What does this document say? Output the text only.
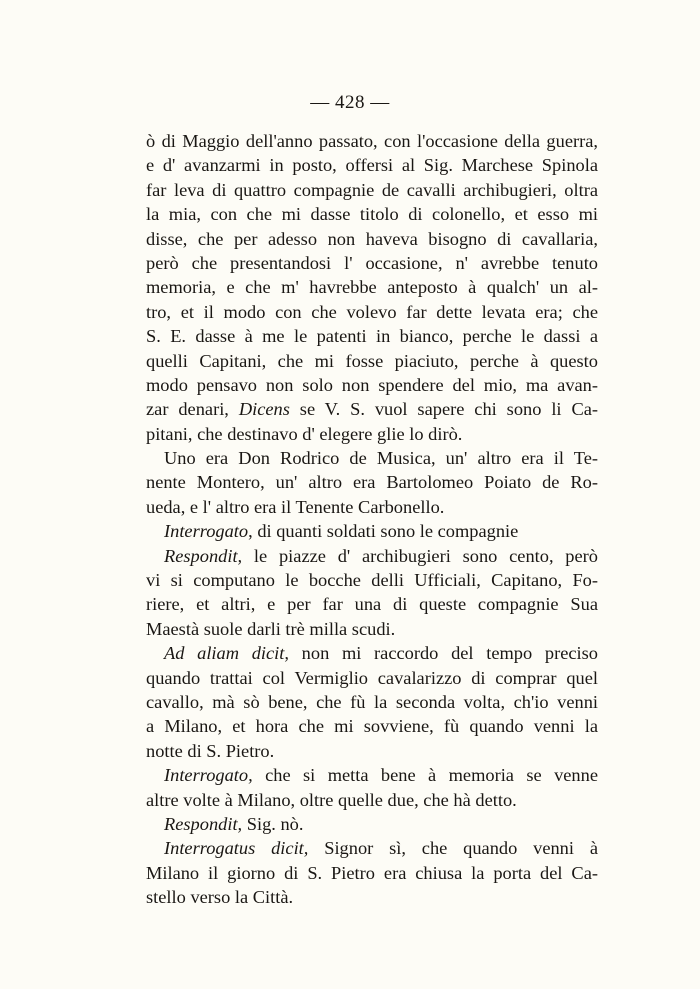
— 428 —
ò di Maggio dell'anno passato, con l'occasione della guerra,
e d' avanzarmi in posto, offersi al Sig. Marchese Spinola
far leva di quattro compagnie de cavalli archibugieri, oltra
la mia, con che mi dasse titolo di colonello, et esso mi
disse, che per adesso non haveva bisogno di cavallaria,
però che presentandosi l' occasione, n' avrebbe tenuto
memoria, e che m' havrebbe anteposto à qualch' un al-
tro, et il modo con che volevo far dette levata era; che
S. E. dasse à me le patenti in bianco, perche le dassi a
quelli Capitani, che mi fosse piaciuto, perche à questo
modo pensavo non solo non spendere del mio, ma avan-
zar denari, Dicens se V. S. vuol sapere chi sono li Ca-
pitani, che destinavo d' elegere glie lo dirò.
Uno era Don Rodrico de Musica, un' altro era il Te-
nente Montero, un' altro era Bartolomeo Poiato de Ro-
ueda, e l' altro era il Tenente Carbonello.
Interrogato, di quanti soldati sono le compagnie
Respondit, le piazze d' archibugieri sono cento, però
vi si computano le bocche delli Ufficiali, Capitano, Fo-
riere, et altri, e per far una di queste compagnie Sua
Maestà suole darli trè milla scudi.
Ad aliam dicit, non mi raccordo del tempo preciso
quando trattai col Vermiglio cavalarizzo di comprar quel
cavallo, mà sò bene, che fù la seconda volta, ch'io venni
a Milano, et hora che mi sovviene, fù quando venni la
notte di S. Pietro.
Interrogato, che si metta bene à memoria se venne
altre volte à Milano, oltre quelle due, che hà detto.
Respondit, Sig. nò.
Interrogatus dicit, Signor sì, che quando venni à
Milano il giorno di S. Pietro era chiusa la porta del Ca-
stello verso la Città.
